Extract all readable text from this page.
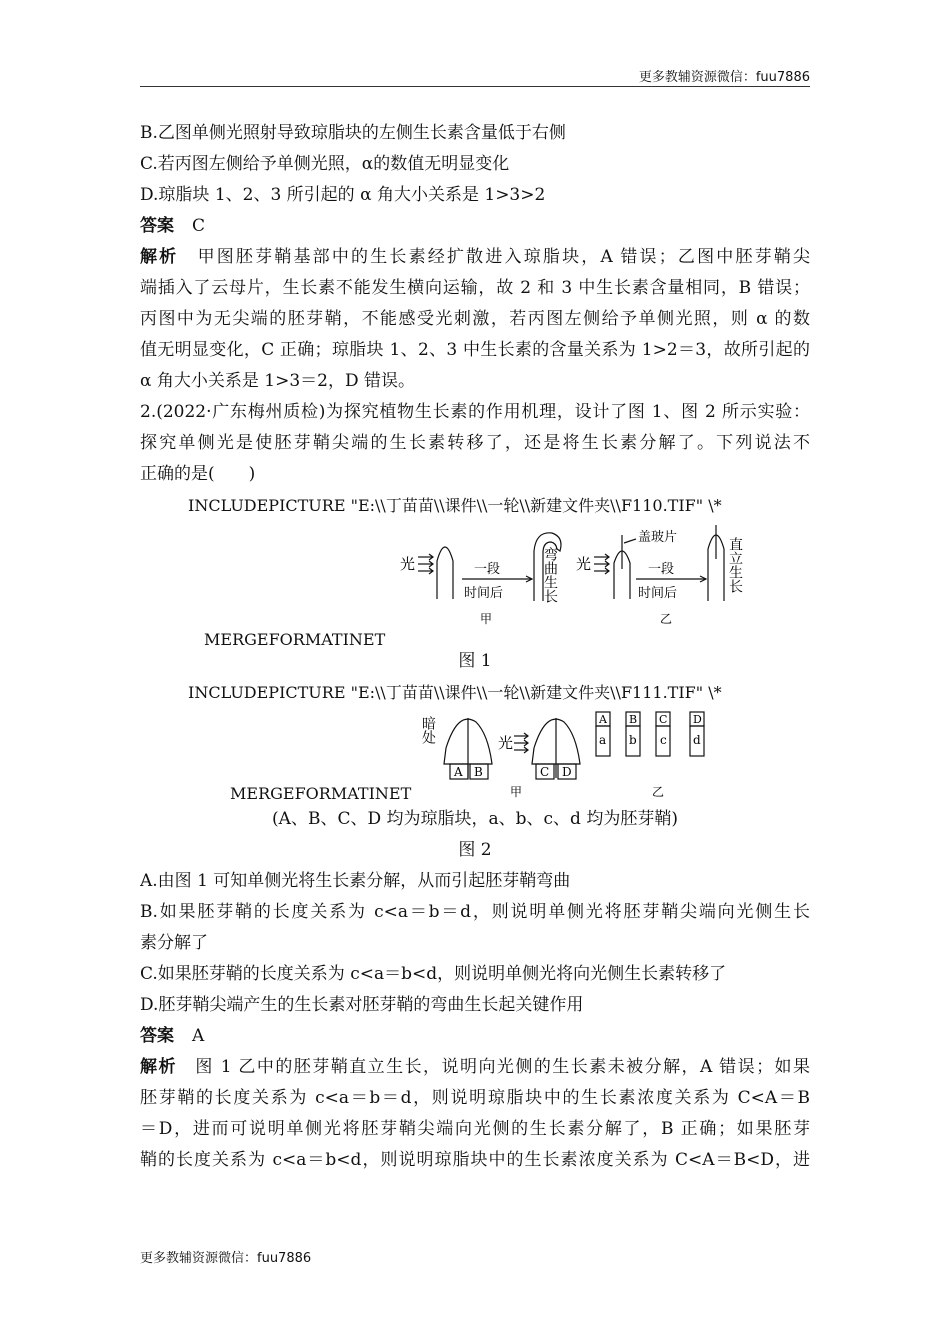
更多教辅资源微信：fuu7886
B.乙图单侧光照射导致琼脂块的左侧生长素含量低于右侧
C.若丙图左侧给予单侧光照，α的数值无明显变化
D.琼脂块 1、2、3 所引起的 α 角大小关系是 1>3>2
答案 C
解析　 甲图胚芽鞘基部中的生长素经扩散进入琼脂块，A 错误；乙图中胚芽鞘尖
端插入了云母片，生长素不能发生横向运输，故 2 和 3 中生长素含量相同，B 错误；
丙图中为无尖端的胚芽鞘，不能感受光刺激，若丙图左侧给予单侧光照，则 α 的数
值无明显变化，C 正确；琼脂块 1、2、3 中生长素的含量关系为 1>2＝3，故所引起的
α 角大小关系是 1>3＝2，D 错误。
2.(2022·广东梅州质检)为探究植物生长素的作用机理，设计了图 1、图 2 所示实验：
探究单侧光是使胚芽鞘尖端的生长素转移了，还是将生长素分解了。下列说法不
正确的是(　　)
INCLUDEPICTURE "E:\\丁苗苗\\课件\\一轮\\新建文件夹\\F110.TIF" \*
MERGEFORMATINET
光	一段
时间后	弯曲生长 光
盖玻片
一段
时间后
直立生长
甲	乙
图 1
INCLUDEPICTURE "E:\\丁苗苗\\课件\\一轮\\新建文件夹\\F111.TIF" \*
MERGEFORMATINET
暗处
A B
光
C D
A
a
B
b
C
c
D
d
甲	乙
(A、B、C、D 均为琼脂块，a、b、c、d 均为胚芽鞘)
图 2
A.由图 1 可知单侧光将生长素分解，从而引起胚芽鞘弯曲
B.如果胚芽鞘的长度关系为 c<a＝b＝d，则说明单侧光将胚芽鞘尖端向光侧生长
素分解了
C.如果胚芽鞘的长度关系为 c<a＝b<d，则说明单侧光将向光侧生长素转移了
D.胚芽鞘尖端产生的生长素对胚芽鞘的弯曲生长起关键作用
答案 A
解析　 图 1 乙中的胚芽鞘直立生长，说明向光侧的生长素未被分解，A 错误；如果
胚芽鞘的长度关系为 c<a＝b＝d，则说明琼脂块中的生长素浓度关系为 C<A＝B
＝D，进而可说明单侧光将胚芽鞘尖端向光侧的生长素分解了，B 正确；如果胚芽
鞘的长度关系为 c<a＝b<d，则说明琼脂块中的生长素浓度关系为 C<A＝B<D，进
更多教辅资源微信：fuu7886
